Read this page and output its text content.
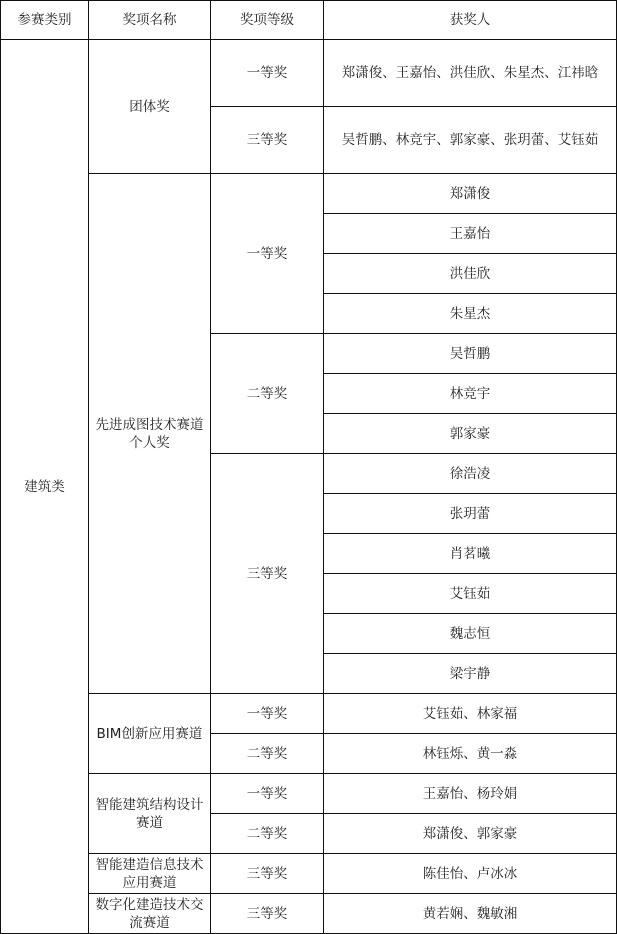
参赛类别	奖项名称	奖项等级	获奖人
建筑类	团体奖	一等奖	郑潇俊、王嘉怡、洪佳欣、朱星杰、江祎晗
		三等奖	吴哲鹏、林竞宇、郭家豪、张玥蕾、艾钰茹
	先进成图技术赛道个人奖	一等奖	郑潇俊
			王嘉怡
			洪佳欣
			朱星杰
		二等奖	吴哲鹏
			林竞宇
			郭家豪
		三等奖	徐浩凌
			张玥蕾
			肖茗曦
			艾钰茹
			魏志恒
			梁宇静
	BIM创新应用赛道	一等奖	艾钰茹、林家福
		二等奖	林钰烁、黄一淼
	智能建筑结构设计赛道	一等奖	王嘉怡、杨玲娟
		二等奖	郑潇俊、郭家豪
	智能建造信息技术应用赛道	三等奖	陈佳怡、卢冰冰
	数字化建造技术交流赛道	三等奖	黄若娴、魏敏湘
